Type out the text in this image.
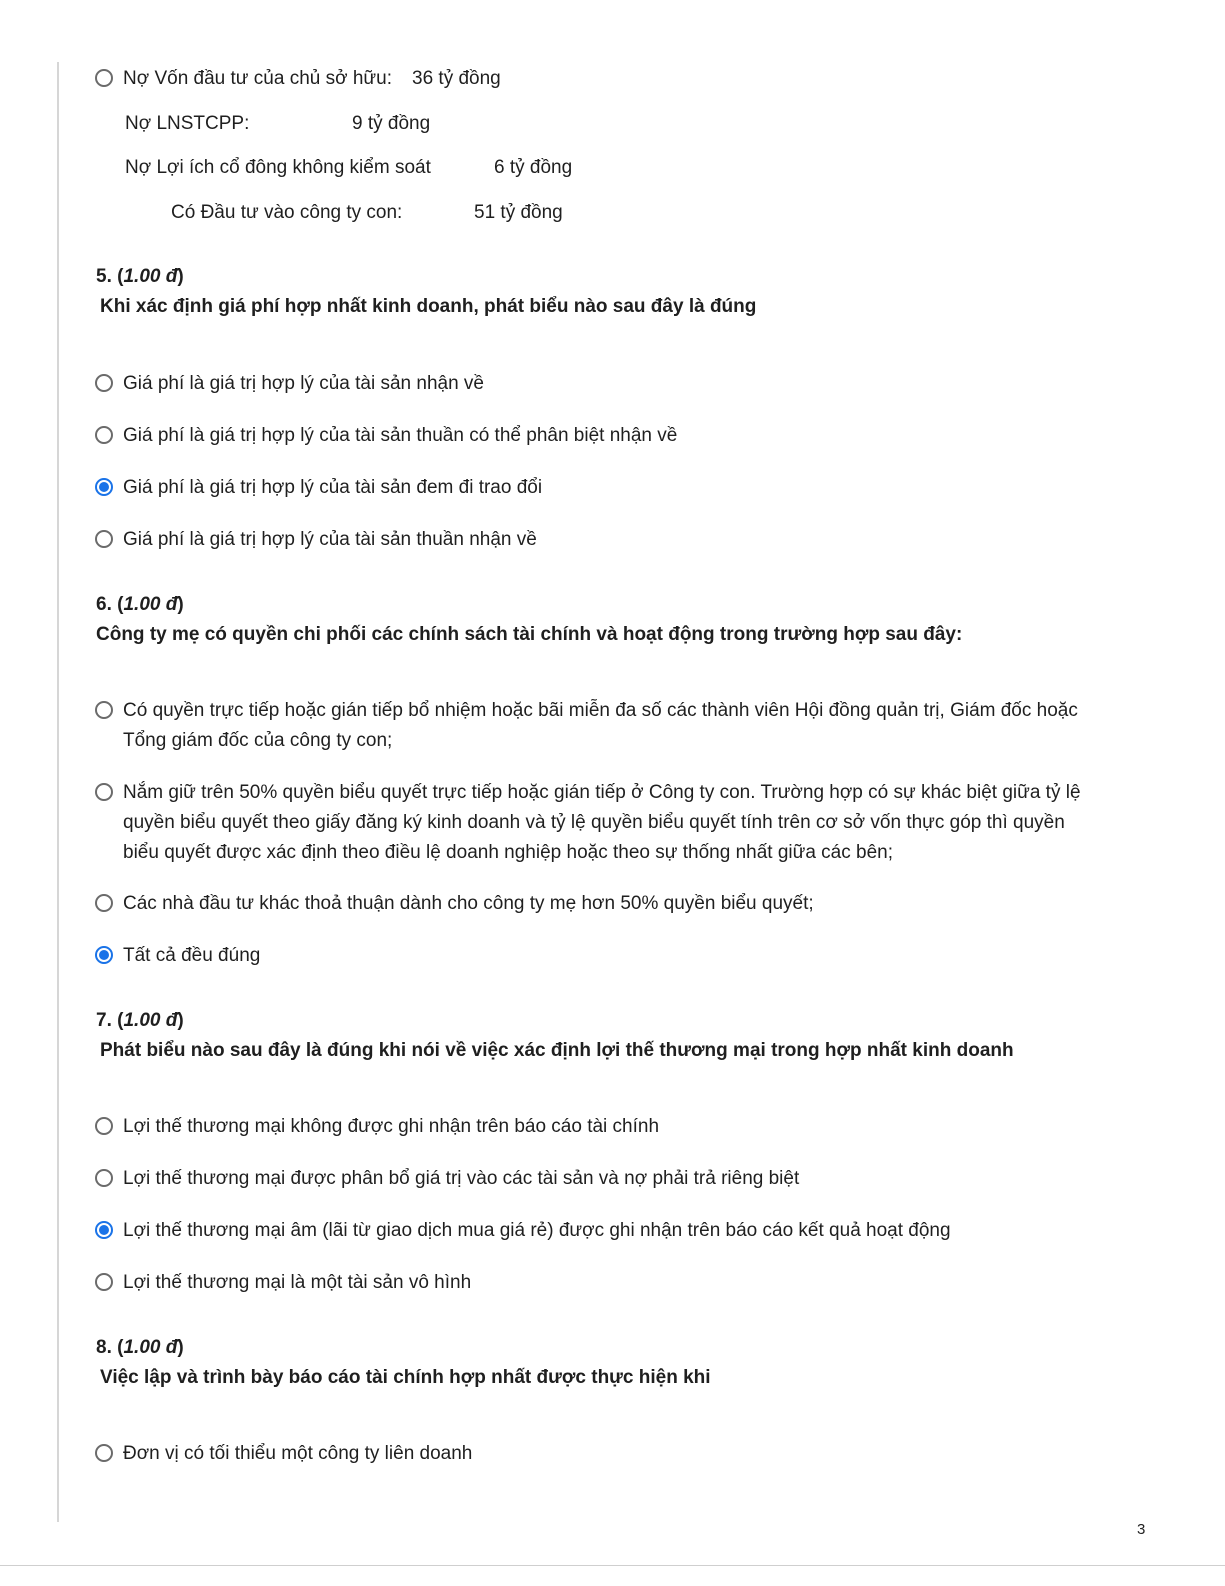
Nợ Vốn đầu tư của chủ sở hữu: 36 tỷ đồng
Nợ LNSTCPP:	9 tỷ đồng
Nợ Lợi ích cổ đông không kiểm soát	6 tỷ đồng
Có Đầu tư vào công ty con:	51 tỷ đồng
5. (1.00 đ)
Khi xác định giá phí hợp nhất kinh doanh, phát biểu nào sau đây là đúng
Giá phí là giá trị hợp lý của tài sản nhận về
Giá phí là giá trị hợp lý của tài sản thuần có thể phân biệt nhận về
Giá phí là giá trị hợp lý của tài sản đem đi trao đổi
Giá phí là giá trị hợp lý của tài sản thuần nhận về
6. (1.00 đ)
Công ty mẹ có quyền chi phối các chính sách tài chính và hoạt động trong trường hợp sau đây:
Có quyền trực tiếp hoặc gián tiếp bổ nhiệm hoặc bãi miễn đa số các thành viên Hội đồng quản trị, Giám đốc hoặc Tổng giám đốc của công ty con;
Nắm giữ trên 50% quyền biểu quyết trực tiếp hoặc gián tiếp ở Công ty con. Trường hợp có sự khác biệt giữa tỷ lệ quyền biểu quyết theo giấy đăng ký kinh doanh và tỷ lệ quyền biểu quyết tính trên cơ sở vốn thực góp thì quyền biểu quyết được xác định theo điều lệ doanh nghiệp hoặc theo sự thống nhất giữa các bên;
Các nhà đầu tư khác thoả thuận dành cho công ty mẹ hơn 50% quyền biểu quyết;
Tất cả đều đúng
7. (1.00 đ)
Phát biểu nào sau đây là đúng khi nói về việc xác định lợi thế thương mại trong hợp nhất kinh doanh
Lợi thế thương mại không được ghi nhận trên báo cáo tài chính
Lợi thế thương mại được phân bổ giá trị vào các tài sản và nợ phải trả riêng biệt
Lợi thế thương mại âm (lãi từ giao dịch mua giá rẻ) được ghi nhận trên báo cáo kết quả hoạt động
Lợi thế thương mại là một tài sản vô hình
8. (1.00 đ)
Việc lập và trình bày báo cáo tài chính hợp nhất được thực hiện khi
Đơn vị có tối thiểu một công ty liên doanh
3
